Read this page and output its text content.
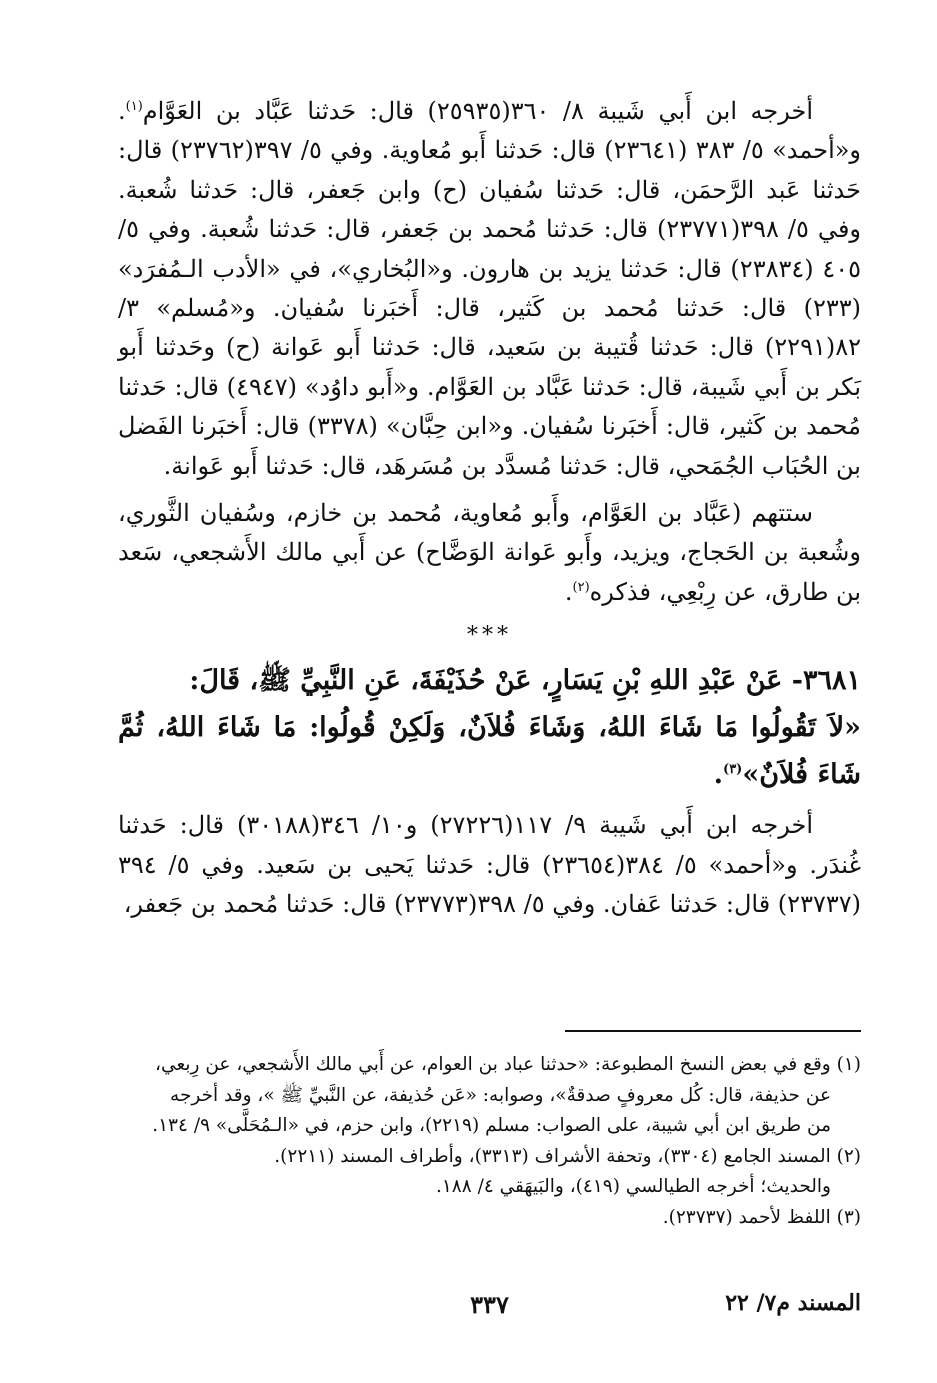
أخرجه ابن أَبي شَيبة ٨/ ٣٦٠(٢٥٩٣٥) قال: حَدثنا عَبَّاد بن العَوَّام$^{(١)}$. و«أحمد» ٥/ ٣٨٣ (٢٣٦٤١) قال: حَدثنا أَبو مُعاوية. وفي ٥/ ٣٩٧(٢٣٧٦٢) قال: حَدثنا عَبد الرَّحمَن، قال: حَدثنا سُفيان (ح) وابن جَعفر، قال: حَدثنا شُعبة. وفي ٥/ ٣٩٨(٢٣٧٧١) قال: حَدثنا مُحمد بن جَعفر، قال: حَدثنا شُعبة. وفي ٥/ ٤٠٥ (٢٣٨٣٤) قال: حَدثنا يزيد بن هارون. و«البُخاري»، في «الأدب الـمُفرَد» (٢٣٣) قال: حَدثنا مُحمد بن كَثير، قال: أَخبَرنا سُفيان. و«مُسلم» ٣/ ٨٢(٢٢٩١) قال: حَدثنا قُتيبة بن سَعيد، قال: حَدثنا أَبو عَوانة (ح) وحَدثنا أَبو بَكر بن أَبي شَيبة، قال: حَدثنا عَبَّاد بن العَوَّام. و«أَبو داوُد» (٤٩٤٧) قال: حَدثنا مُحمد بن كَثير، قال: أَخبَرنا سُفيان. و«ابن حِبَّان» (٣٣٧٨) قال: أَخبَرنا الفَضل بن الحُبَاب الجُمَحي، قال: حَدثنا مُسدَّد بن مُسَرهَد، قال: حَدثنا أَبو عَوانة.

ستتهم (عَبَّاد بن العَوَّام، وأَبو مُعاوية، مُحمد بن خازم، وسُفيان الثَّوري، وشُعبة بن الحَجاج، ويزيد، وأَبو عَوانة الوَضَّاح) عن أَبي مالك الأَشجعي، سَعد بن طارق، عن رِبْعِي، فذكره$^{(٢)}$.

***

٣٦٨١- عَنْ عَبْدِ اللهِ بْنِ يَسَارٍ، عَنْ حُذَيْفَةَ، عَنِ النَّبِيِّ ﷺ، قَالَ:

«لاَ تَقُولُوا مَا شَاءَ اللهُ، وَشَاءَ فُلاَنٌ، وَلَكِنْ قُولُوا: مَا شَاءَ اللهُ، ثُمَّ شَاءَ فُلاَنٌ»$^{(٣)}$.

أخرجه ابن أَبي شَيبة ٩/ ١١٧(٢٧٢٢٦) و١٠/ ٣٤٦(٣٠١٨٨) قال: حَدثنا غُندَر. و«أحمد» ٥/ ٣٨٤(٢٣٦٥٤) قال: حَدثنا يَحيى بن سَعيد. وفي ٥/ ٣٩٤ (٢٣٧٣٧) قال: حَدثنا عَفان. وفي ٥/ ٣٩٨(٢٣٧٧٣) قال: حَدثنا مُحمد بن جَعفر،

(١) وقع في بعض النسخ المطبوعة: «حدثنا عباد بن العوام، عن أَبي مالك الأَشجعي، عن رِبعي،

عن حذيفة، قال: كُل معروفٍ صدقةٌ»، وصوابه: «عَن حُذيفة، عن النَّبيِّ ﷺ »، وقد أخرجه

من طريق ابن أبي شيبة، على الصواب: مسلم (٢٢١٩)، وابن حزم، في «الـمُحَلَّى» ٩/ ١٣٤.

(٢) المسند الجامع (٣٣٠٤)، وتحفة الأشراف (٣٣١٣)، وأطراف المسند (٢٢١١).

والحديث؛ أخرجه الطيالسي (٤١٩)، والبَيهَقي ٤/ ١٨٨.

(٣) اللفظ لأحمد (٢٣٧٣٧).

المسند م٧/ ٢٢
٣٣٧
